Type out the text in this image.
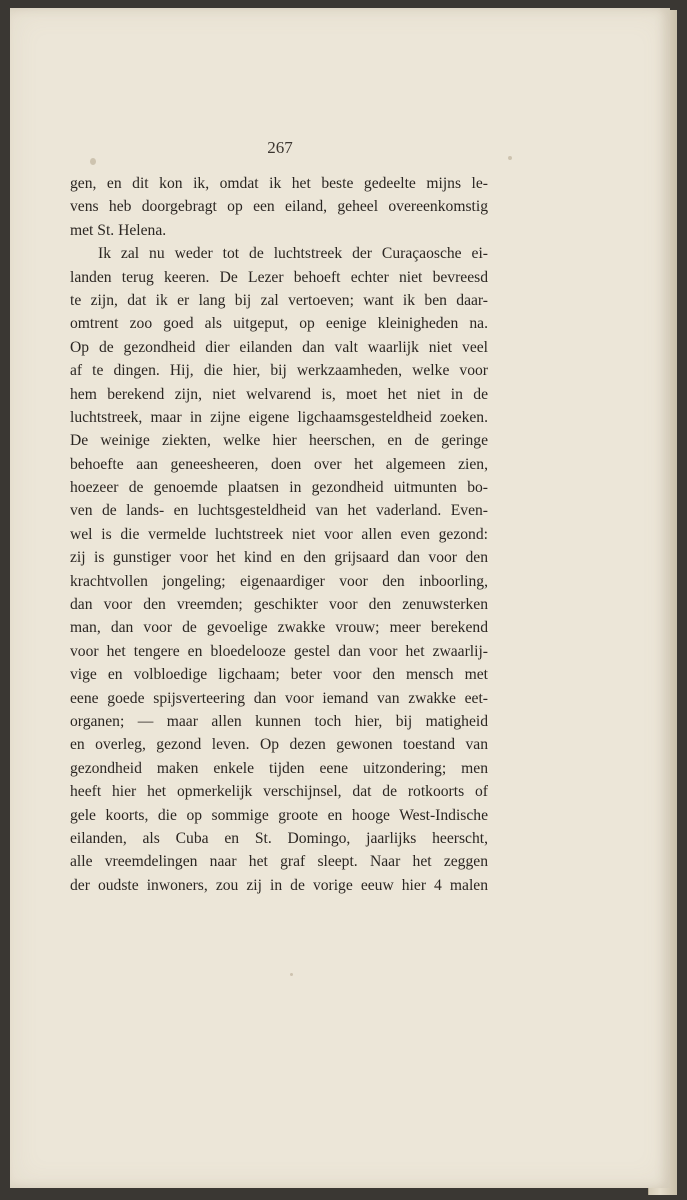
267
gen, en dit kon ik, omdat ik het beste gedeelte mijns le-
vens heb doorgebragt op een eiland, geheel overeenkomstig
met St. Helena.
Ik zal nu weder tot de luchtstreek der Curaçaosche ei-
landen terug keeren. De Lezer behoeft echter niet bevreesd
te zijn, dat ik er lang bij zal vertoeven; want ik ben daar-
omtrent zoo goed als uitgeput, op eenige kleinigheden na.
Op de gezondheid dier eilanden dan valt waarlijk niet veel
af te dingen. Hij, die hier, bij werkzaamheden, welke voor
hem berekend zijn, niet welvarend is, moet het niet in de
luchtstreek, maar in zijne eigene ligchaamsgesteldheid zoeken.
De weinige ziekten, welke hier heerschen, en de geringe
behoefte aan geneesheeren, doen over het algemeen zien,
hoezeer de genoemde plaatsen in gezondheid uitmunten bo-
ven de lands- en luchtsgesteldheid van het vaderland. Even-
wel is die vermelde luchtstreek niet voor allen even gezond:
zij is gunstiger voor het kind en den grijsaard dan voor den
krachtvollen jongeling; eigenaardiger voor den inboorling,
dan voor den vreemden; geschikter voor den zenuwsterken
man, dan voor de gevoelige zwakke vrouw; meer berekend
voor het tengere en bloedelooze gestel dan voor het zwaarlij-
vige en volbloedige ligchaam; beter voor den mensch met
eene goede spijsverteering dan voor iemand van zwakke eet-
organen; — maar allen kunnen toch hier, bij matigheid
en overleg, gezond leven. Op dezen gewonen toestand van
gezondheid maken enkele tijden eene uitzondering; men
heeft hier het opmerkelijk verschijnsel, dat de rotkoorts of
gele koorts, die op sommige groote en hooge West-Indische
eilanden, als Cuba en St. Domingo, jaarlijks heerscht,
alle vreemdelingen naar het graf sleept. Naar het zeggen
der oudste inwoners, zou zij in de vorige eeuw hier 4 malen
